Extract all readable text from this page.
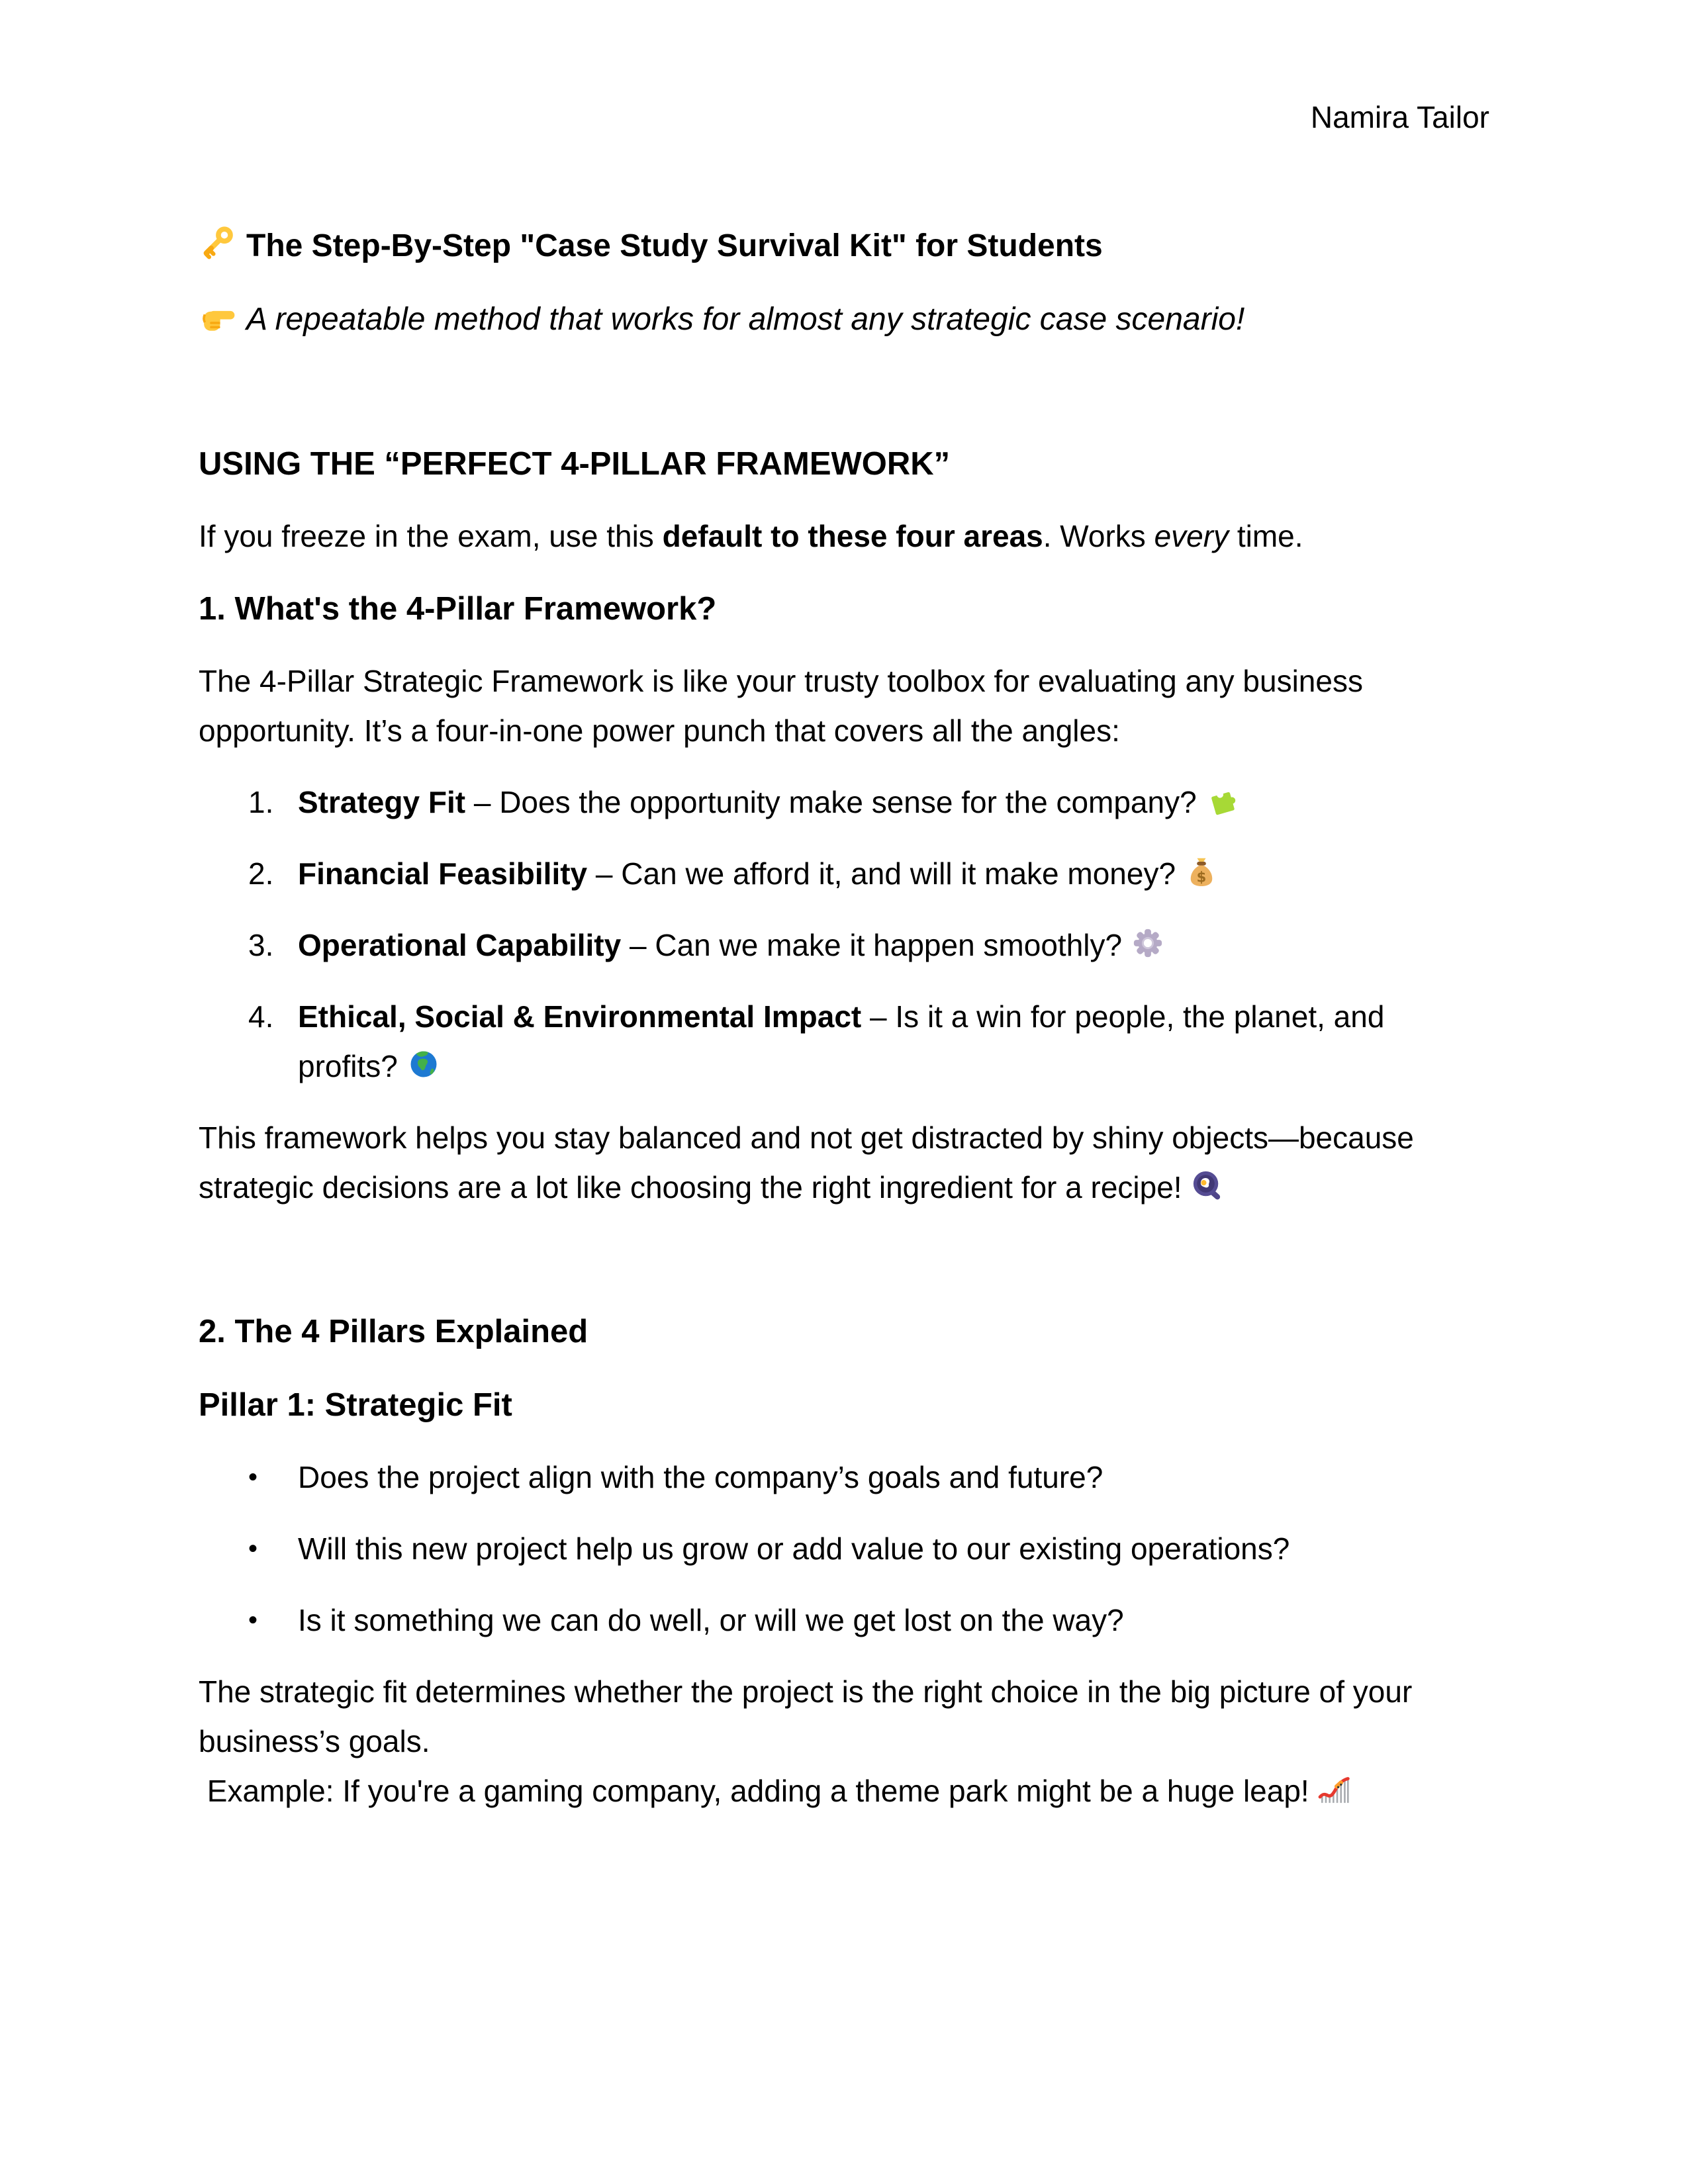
Namira Tailor
The Step-By-Step "Case Study Survival Kit" for Students
A repeatable method that works for almost any strategic case scenario!
USING THE “PERFECT 4-PILLAR FRAMEWORK”

If you freeze in the exam, use this default to these four areas. Works every time.

1. What's the 4-Pillar Framework?

The 4-Pillar Strategic Framework is like your trusty toolbox for evaluating any business opportunity. It’s a four-in-one power punch that covers all the angles:

1. Strategy Fit – Does the opportunity make sense for the company?
2. Financial Feasibility – Can we afford it, and will it make money?
3. Operational Capability – Can we make it happen smoothly?
4. Ethical, Social & Environmental Impact – Is it a win for people, the planet, and profits?

This framework helps you stay balanced and not get distracted by shiny objects—because strategic decisions are a lot like choosing the right ingredient for a recipe!

2. The 4 Pillars Explained
Pillar 1: Strategic Fit
•	Does the project align with the company’s goals and future?
•	Will this new project help us grow or add value to our existing operations?
•	Is it something we can do well, or will we get lost on the way?

The strategic fit determines whether the project is the right choice in the big picture of your business’s goals.
Example: If you're a gaming company, adding a theme park might be a huge leap!
